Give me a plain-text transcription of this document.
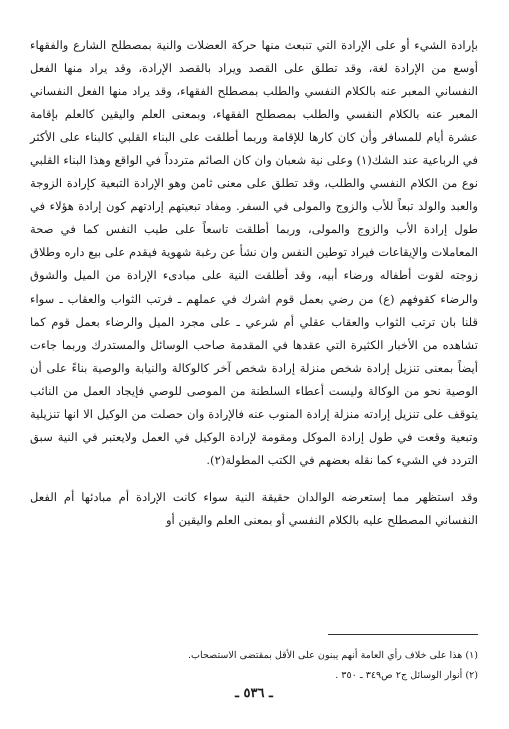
بإرادة الشيء أو على الإرادة التي تنبعث منها حركة العضلات والنية بمصطلح الشارع والفقهاء أوسع من الإرادة لغة، وقد تطلق على القصد ويراد بالقصد الإرادة، وقد يراد منها الفعل النفساني المعبر عنه بالكلام النفسي والطلب بمصطلح الفقهاء، وقد يراد منها الفعل النفساني المعبر عنه بالكلام النفسي والطلب بمصطلح الفقهاء، وبمعنى العلم واليقين كالعلم بإقامة عشرة أيام للمسافر وأن كان كارها للإقامة وربما أطلقت على البناء القلبي كالبناء على الأكثر في الرباعية عند الشك(١) وعلى نية شعبان وان كان الصائم متردداً في الواقع وهذا البناء القلبي نوع من الكلام النفسي والطلب، وقد تطلق على معنى ثامن وهو الإرادة التبعية كإرادة الزوجة والعبد والولد تبعاً للأب والزوج والمولى في السفر. ومفاد تبعيتهم إرادتهم كون إرادة هؤلاء في طول إرادة الأب والزوج والمولى، وربما أطلقت تاسعاً على طيب النفس كما في صحة المعاملات والإيقاعات فيراد توطين النفس وان نشأ عن رغبة شهوية فيقدم على بيع داره وطلاق زوجته لقوت أطفاله ورضاء أبيه، وقد أطلقت النية على مبادىء الإرادة من الميل والشوق والرضاء كقوفهم (ع) من رضي بعمل قوم اشرك في عملهم ـ فرتب الثواب والعقاب ـ سواء قلنا بان ترتب الثواب والعقاب عقلي أم شرعي ـ على مجرد الميل والرضاء بعمل قوم كما تشاهده من الأخبار الكثيرة التي عقدها في المقدمة صاحب الوسائل والمستدرك وربما جاءت أيضاً بمعنى تنزيل إرادة شخص منزلة إرادة شخص آخر كالوكالة والنيابة والوصية بناءً على أن الوصية نحو من الوكالة وليست أعطاء السلطنة من الموصى للوصي فإيجاد العمل من النائب يتوقف على تنزيل إرادته منزلة إرادة المنوب عنه فالإرادة وان حصلت من الوكيل الا انها تنزيلية وتبعية وقعت في طول إرادة الموكل ومقومة لإرادة الوكيل في العمل ولايعتبر في النية سبق التردد في الشيء كما نقله بعضهم في الكتب المطولة(٢).

وقد استظهر مما إستعرضه الوالدان حقيقة النية سواء كانت الإرادة أم مبادئها أم الفعل النفساني المصطلح عليه بالكلام النفسي أو بمعنى العلم واليقين أو

(١) هذا على خلاف رأي العامة أنهم يبنون على الأقل بمقتضى الاستصحاب.

(٢) أنوار الوسائل ج٢ ص٣٤٩ ـ ٣٥٠ .

ـ ٥٣٦ ـ
